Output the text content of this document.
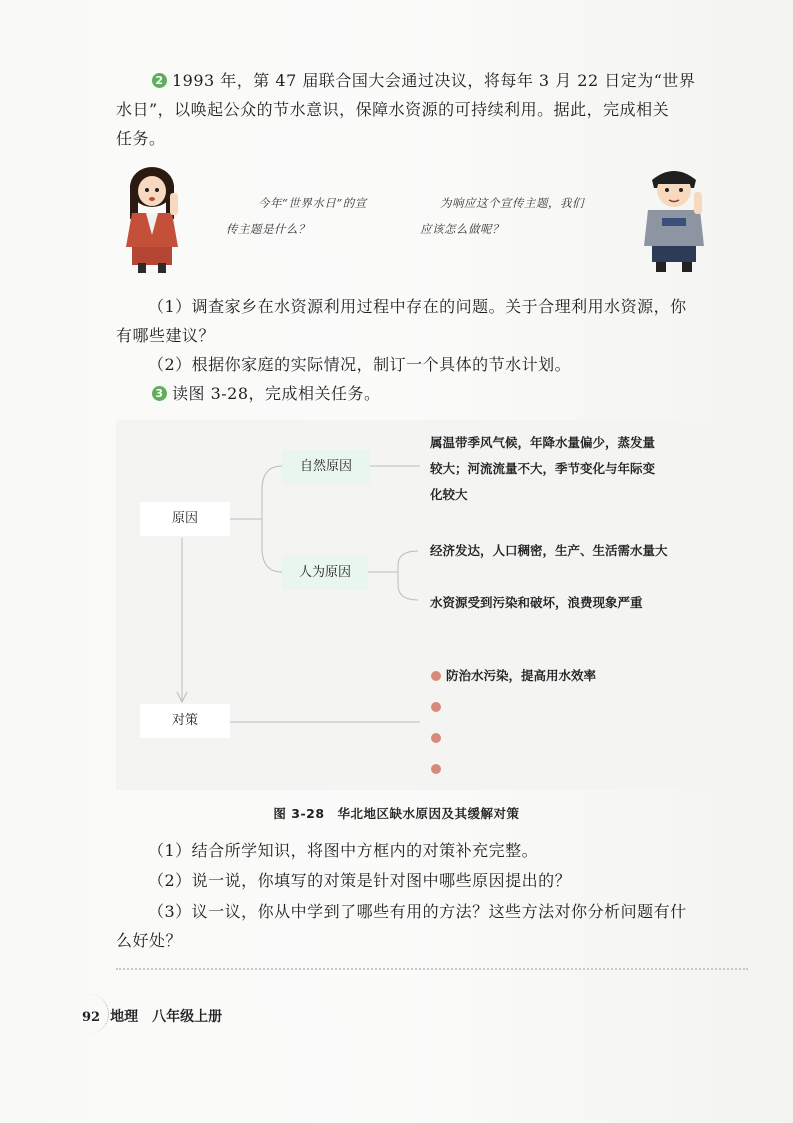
2 1993 年，第 47 届联合国大会通过决议，将每年 3 月 22 日定为“世界
水日”，以唤起公众的节水意识，保障水资源的可持续利用。据此，完成相关
任务。
今年“世界水日”的宣
传主题是什么？
为响应这个宣传主题，我们
应该怎么做呢？
（1）调查家乡在水资源利用过程中存在的问题。关于合理利用水资源，你
有哪些建议？
（2）根据你家庭的实际情况，制订一个具体的节水计划。
3 读图 3-28，完成相关任务。
原因
自然原因
人为原因
对策
属温带季风气候，年降水量偏少，蒸发量
较大；河流流量不大，季节变化与年际变
化较大
经济发达，人口稠密，生产、生活需水量大
水资源受到污染和破坏，浪费现象严重
防治水污染，提高用水效率
图 3-28　华北地区缺水原因及其缓解对策
（1）结合所学知识，将图中方框内的对策补充完整。
（2）说一说，你填写的对策是针对图中哪些原因提出的？
（3）议一议，你从中学到了哪些有用的方法？这些方法对你分析问题有什
么好处？
92 地理　八年级上册
